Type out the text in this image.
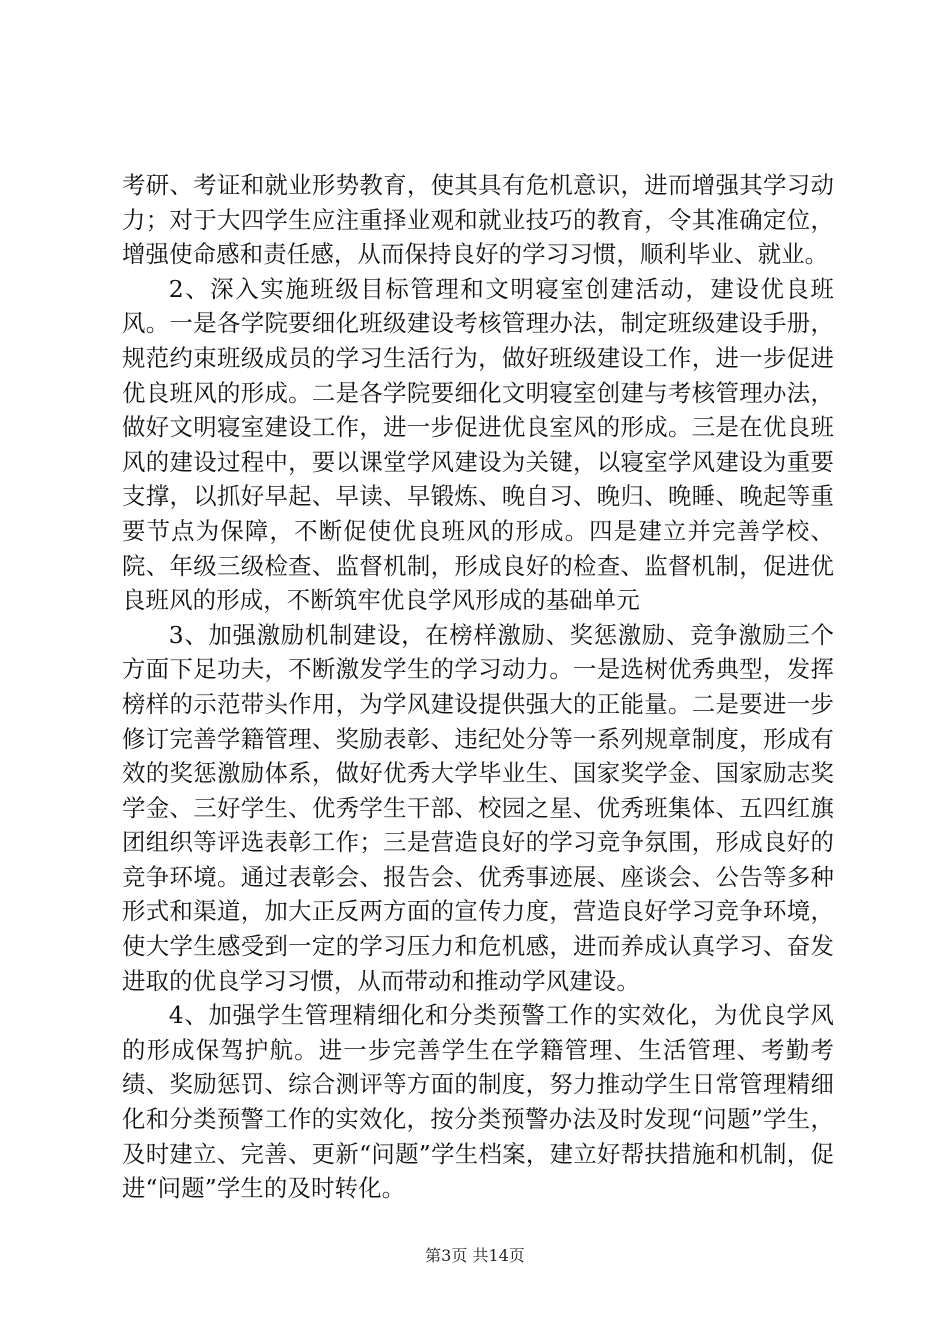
考研、考证和就业形势教育，使其具有危机意识，进而增强其学习动力；对于大四学生应注重择业观和就业技巧的教育，令其准确定位，增强使命感和责任感，从而保持良好的学习习惯，顺利毕业、就业。

2、深入实施班级目标管理和文明寝室创建活动，建设优良班风。一是各学院要细化班级建设考核管理办法，制定班级建设手册，规范约束班级成员的学习生活行为，做好班级建设工作，进一步促进优良班风的形成。二是各学院要细化文明寝室创建与考核管理办法，做好文明寝室建设工作，进一步促进优良室风的形成。三是在优良班风的建设过程中，要以课堂学风建设为关键，以寝室学风建设为重要支撑，以抓好早起、早读、早锻炼、晚自习、晚归、晚睡、晚起等重要节点为保障，不断促使优良班风的形成。四是建立并完善学校、院、年级三级检查、监督机制，形成良好的检查、监督机制，促进优良班风的形成，不断筑牢优良学风形成的基础单元

3、加强激励机制建设，在榜样激励、奖惩激励、竞争激励三个方面下足功夫，不断激发学生的学习动力。一是选树优秀典型，发挥榜样的示范带头作用，为学风建设提供强大的正能量。二是要进一步修订完善学籍管理、奖励表彰、违纪处分等一系列规章制度，形成有效的奖惩激励体系，做好优秀大学毕业生、国家奖学金、国家励志奖学金、三好学生、优秀学生干部、校园之星、优秀班集体、五四红旗团组织等评选表彰工作；三是营造良好的学习竞争氛围，形成良好的竞争环境。通过表彰会、报告会、优秀事迹展、座谈会、公告等多种形式和渠道，加大正反两方面的宣传力度，营造良好学习竞争环境，使大学生感受到一定的学习压力和危机感，进而养成认真学习、奋发进取的优良学习习惯，从而带动和推动学风建设。

4、加强学生管理精细化和分类预警工作的实效化，为优良学风的形成保驾护航。进一步完善学生在学籍管理、生活管理、考勤考绩、奖励惩罚、综合测评等方面的制度，努力推动学生日常管理精细化和分类预警工作的实效化，按分类预警办法及时发现“问题”学生，及时建立、完善、更新“问题”学生档案，建立好帮扶措施和机制，促进“问题”学生的及时转化。

第3页 共14页
